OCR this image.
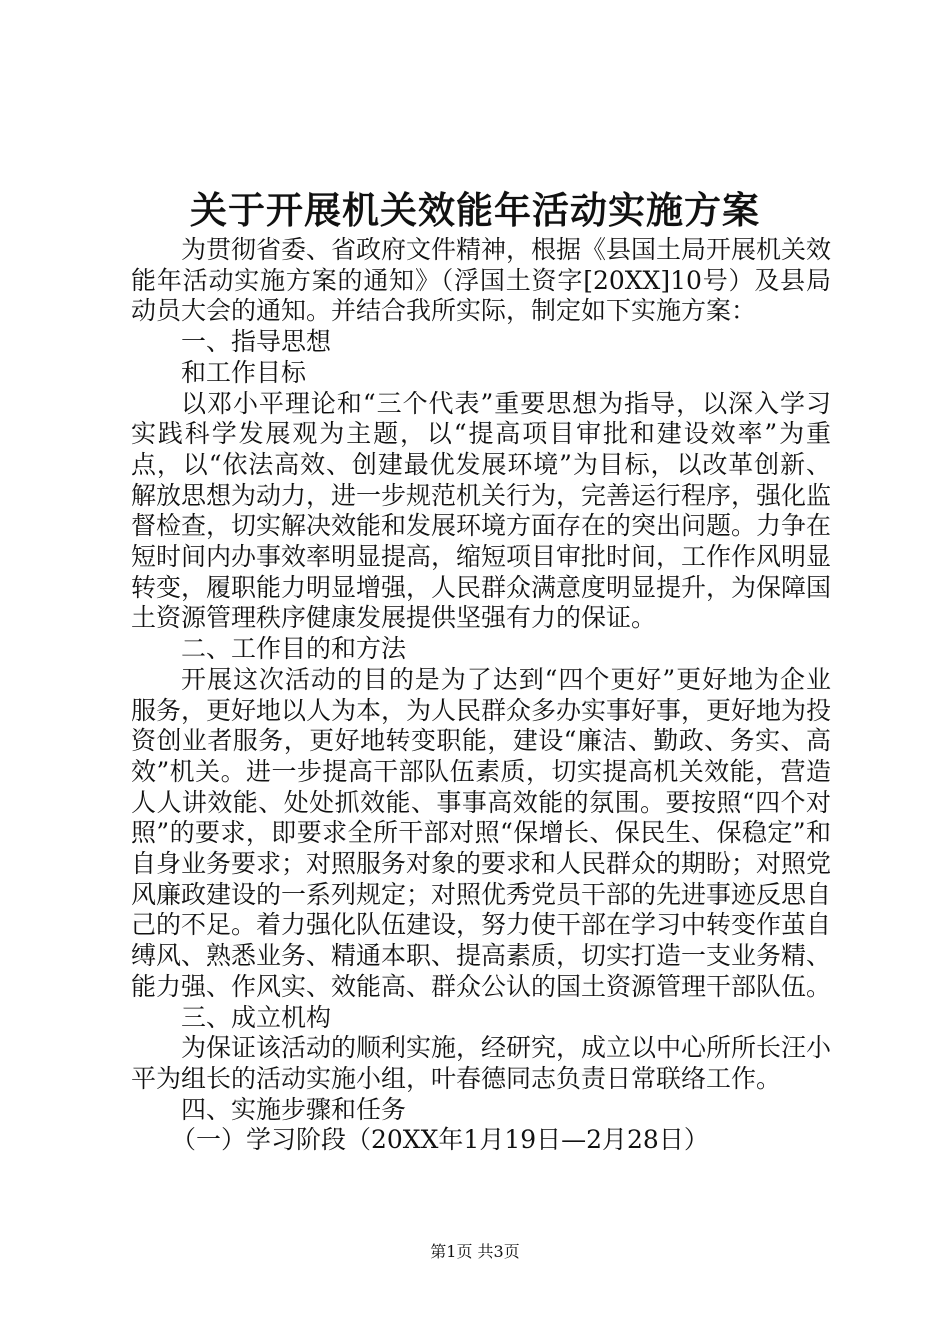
关于开展机关效能年活动实施方案

为贯彻省委、省政府文件精神，根据《县国土局开展机关效能年活动实施方案的通知》（浮国土资字[20XX]10号）及县局动员大会的通知。并结合我所实际，制定如下实施方案：

一、指导思想

和工作目标

以邓小平理论和“三个代表”重要思想为指导，以深入学习实践科学发展观为主题，以“提高项目审批和建设效率”为重点，以“依法高效、创建最优发展环境”为目标，以改革创新、解放思想为动力，进一步规范机关行为，完善运行程序，强化监督检查，切实解决效能和发展环境方面存在的突出问题。力争在短时间内办事效率明显提高，缩短项目审批时间，工作作风明显转变，履职能力明显增强，人民群众满意度明显提升，为保障国土资源管理秩序健康发展提供坚强有力的保证。

二、工作目的和方法

开展这次活动的目的是为了达到“四个更好”更好地为企业服务，更好地以人为本，为人民群众多办实事好事，更好地为投资创业者服务，更好地转变职能，建设“廉洁、勤政、务实、高效”机关。进一步提高干部队伍素质，切实提高机关效能，营造人人讲效能、处处抓效能、事事高效能的氛围。要按照“四个对照”的要求，即要求全所干部对照“保增长、保民生、保稳定”和自身业务要求；对照服务对象的要求和人民群众的期盼；对照党风廉政建设的一系列规定；对照优秀党员干部的先进事迹反思自己的不足。着力强化队伍建设，努力使干部在学习中转变作茧自缚风、熟悉业务、精通本职、提高素质，切实打造一支业务精、能力强、作风实、效能高、群众公认的国土资源管理干部队伍。

三、成立机构

为保证该活动的顺利实施，经研究，成立以中心所所长汪小平为组长的活动实施小组，叶春德同志负责日常联络工作。

四、实施步骤和任务

（一）学习阶段（20XX年1月19日—2月28日）

第1页 共3页
